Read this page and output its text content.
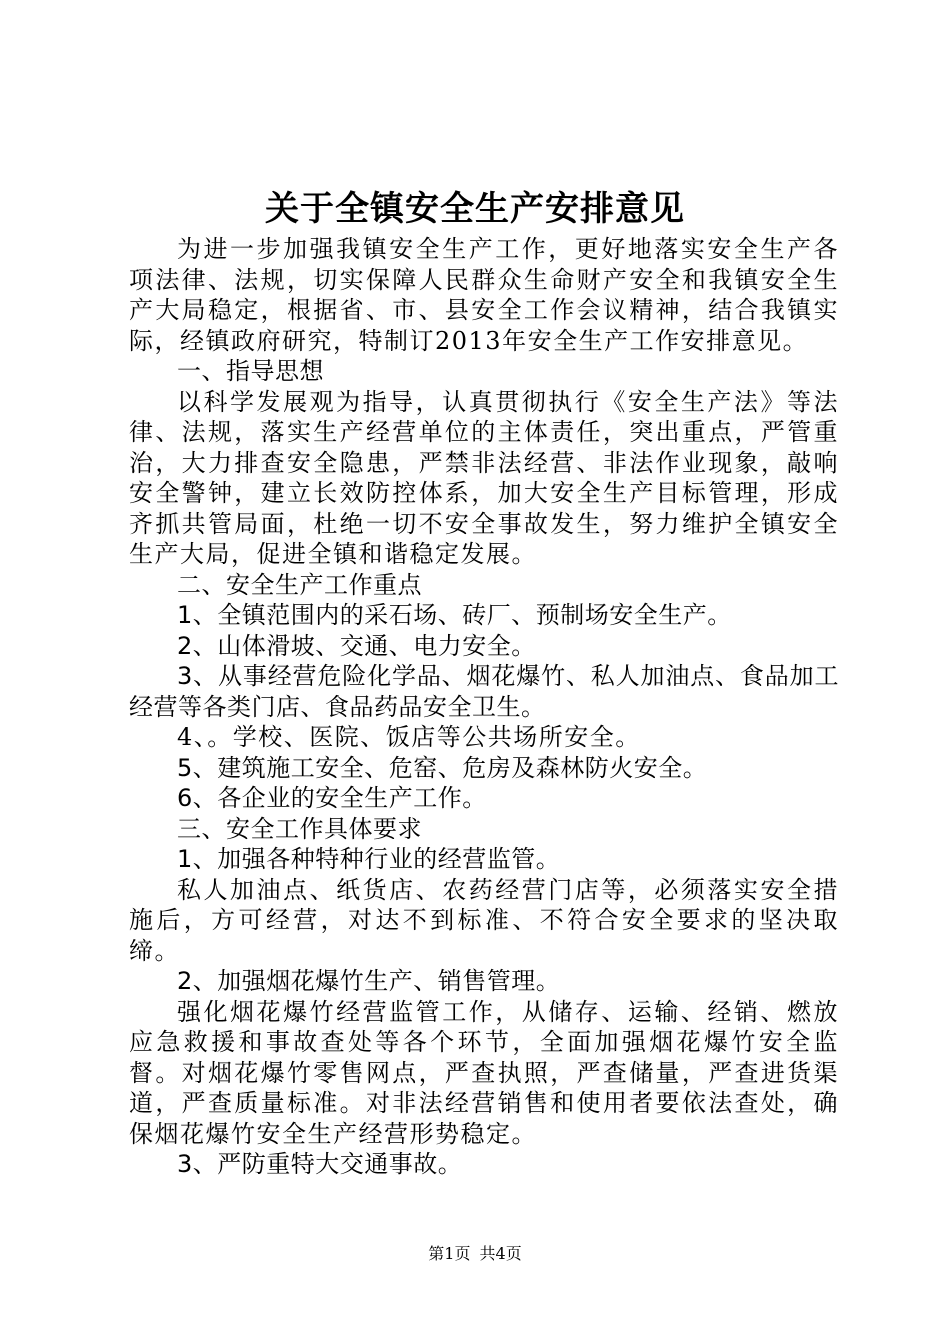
关于全镇安全生产安排意见

为进一步加强我镇安全生产工作，更好地落实安全生产各项法律、法规，切实保障人民群众生命财产安全和我镇安全生产大局稳定，根据省、市、县安全工作会议精神，结合我镇实际，经镇政府研究，特制订2013年安全生产工作安排意见。

一、指导思想

以科学发展观为指导，认真贯彻执行《安全生产法》等法律、法规，落实生产经营单位的主体责任，突出重点，严管重治，大力排查安全隐患，严禁非法经营、非法作业现象，敲响安全警钟，建立长效防控体系，加大安全生产目标管理，形成齐抓共管局面，杜绝一切不安全事故发生，努力维护全镇安全生产大局，促进全镇和谐稳定发展。

二、安全生产工作重点

1、全镇范围内的采石场、砖厂、预制场安全生产。

2、山体滑坡、交通、电力安全。

3、从事经营危险化学品、烟花爆竹、私人加油点、食品加工经营等各类门店、食品药品安全卫生。

4、。学校、医院、饭店等公共场所安全。

5、建筑施工安全、危窑、危房及森林防火安全。

6、各企业的安全生产工作。

三、安全工作具体要求

1、加强各种特种行业的经营监管。

私人加油点、纸货店、农药经营门店等，必须落实安全措施后，方可经营，对达不到标准、不符合安全要求的坚决取缔。

2、加强烟花爆竹生产、销售管理。

强化烟花爆竹经营监管工作，从储存、运输、经销、燃放应急救援和事故查处等各个环节，全面加强烟花爆竹安全监督。对烟花爆竹零售网点，严查执照，严查储量，严查进货渠道，严查质量标准。对非法经营销售和使用者要依法查处，确保烟花爆竹安全生产经营形势稳定。

3、严防重特大交通事故。

第1页 共4页
